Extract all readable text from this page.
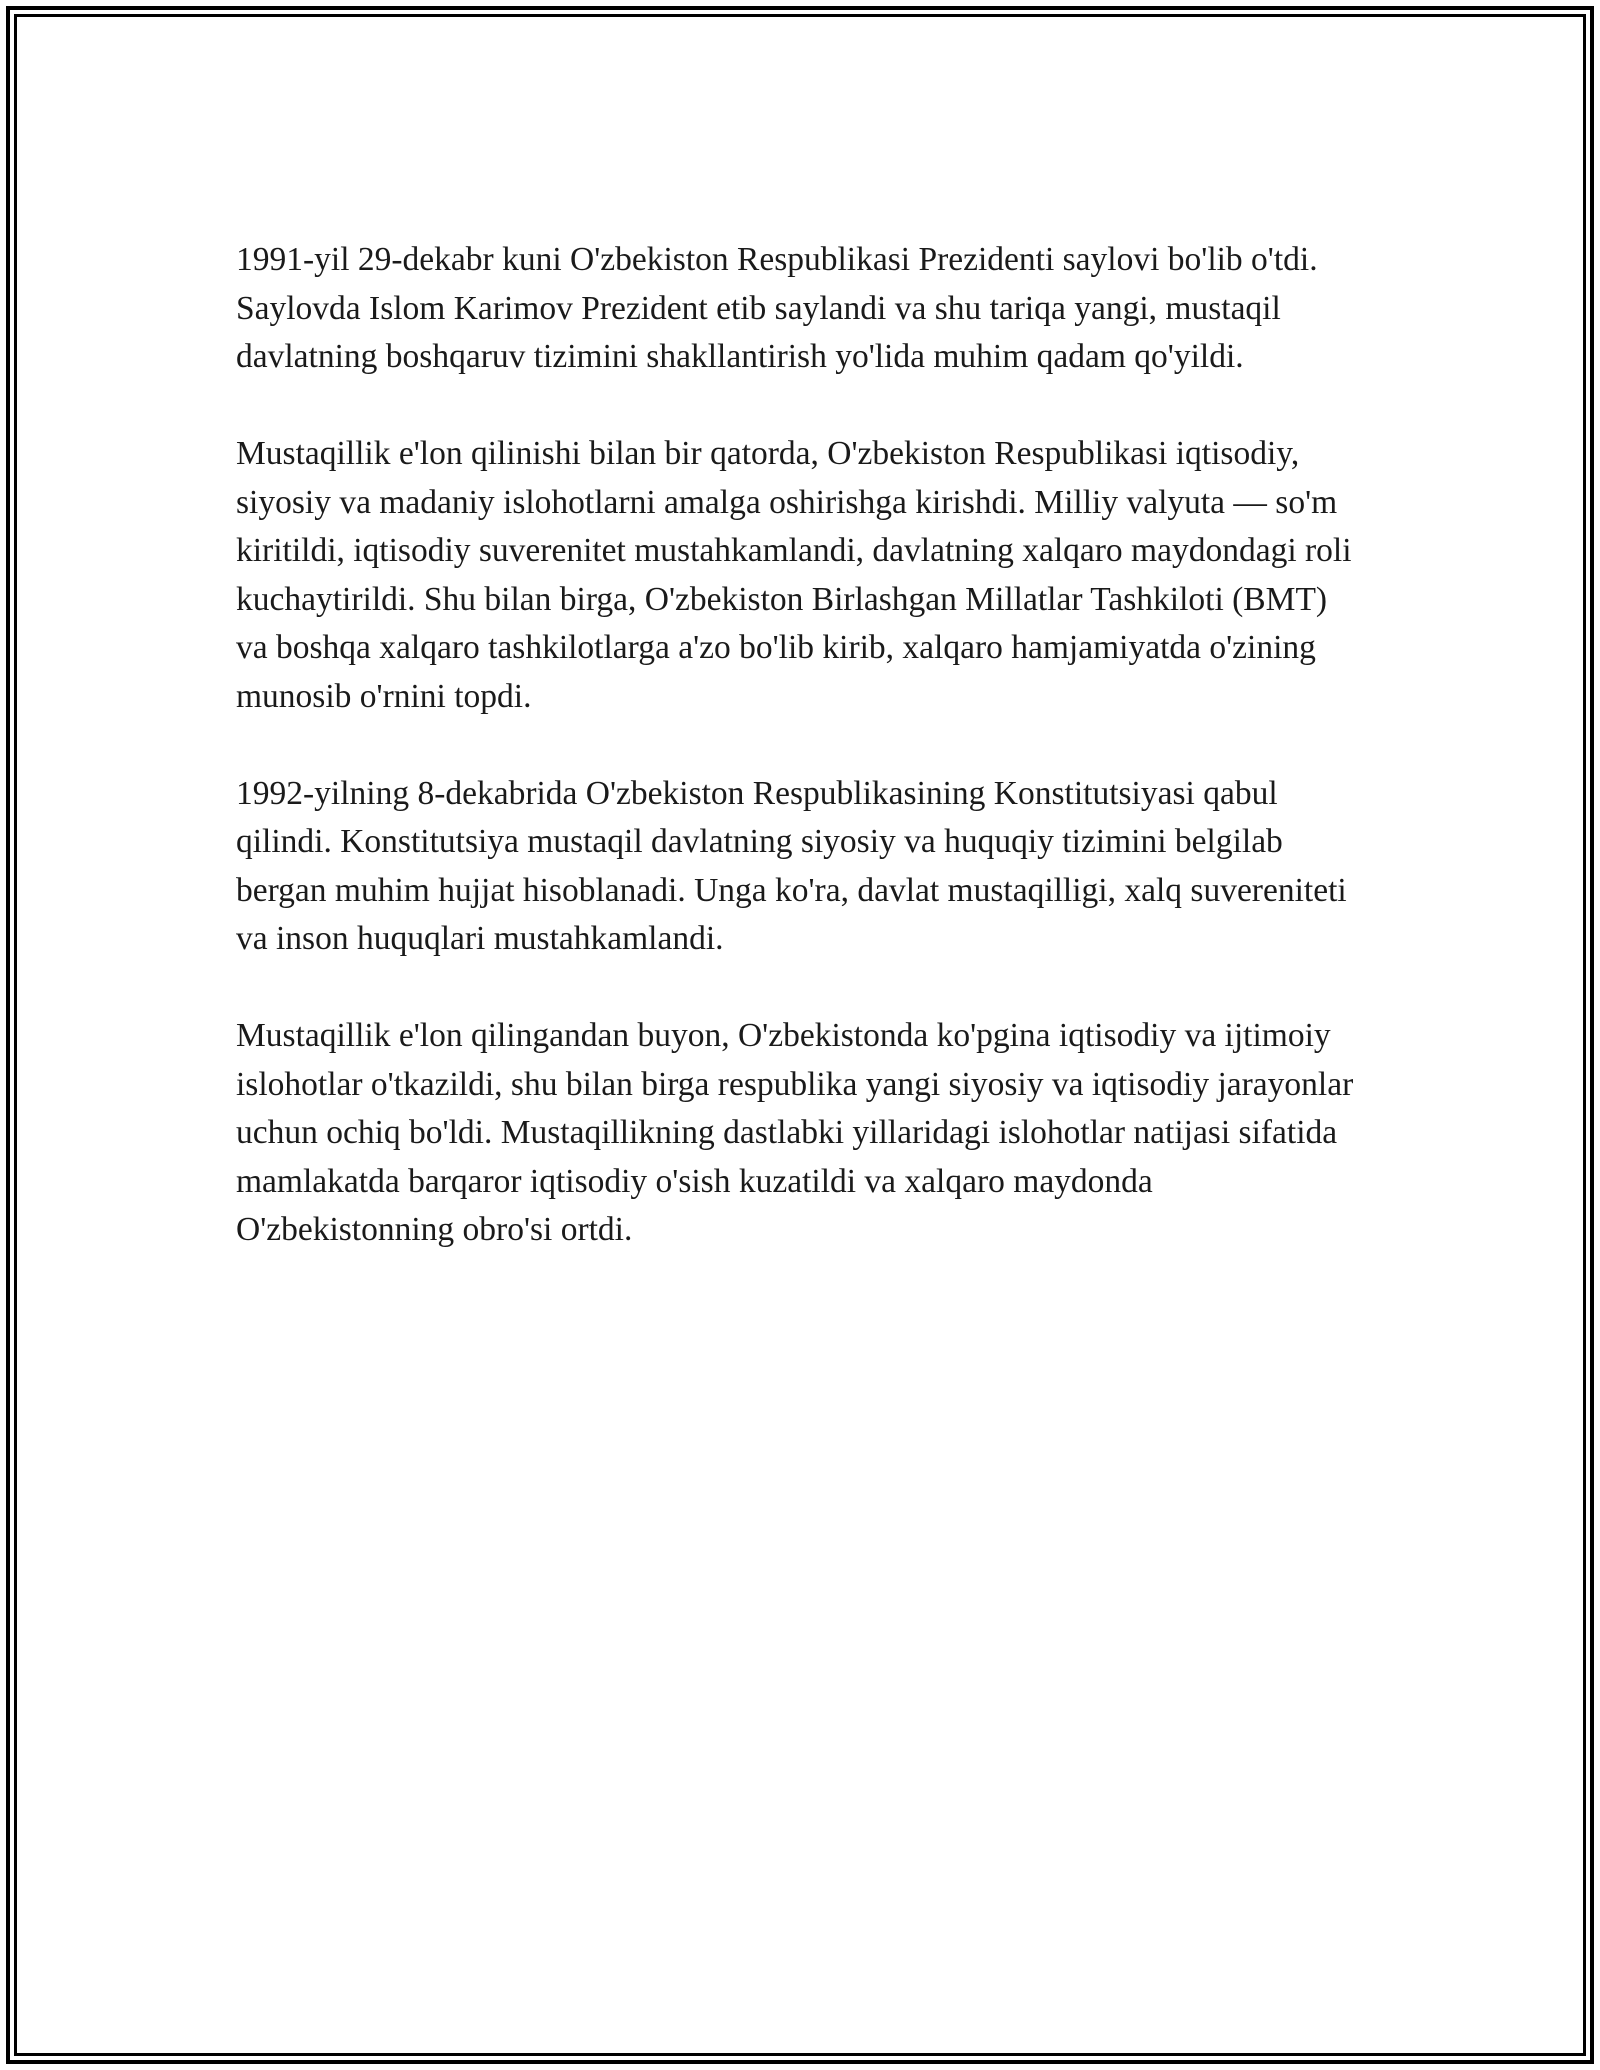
1991-yil 29-dekabr kuni O'zbekiston Respublikasi Prezidenti saylovi bo'lib o'tdi. Saylovda Islom Karimov Prezident etib saylandi va shu tariqa yangi, mustaqil davlatning boshqaruv tizimini shakllantirish yo'lida muhim qadam qo'yildi.

Mustaqillik e'lon qilinishi bilan bir qatorda, O'zbekiston Respublikasi iqtisodiy, siyosiy va madaniy islohotlarni amalga oshirishga kirishdi. Milliy valyuta — so'm kiritildi, iqtisodiy suverenitet mustahkamlandi, davlatning xalqaro maydondagi roli kuchaytirildi. Shu bilan birga, O'zbekiston Birlashgan Millatlar Tashkiloti (BMT) va boshqa xalqaro tashkilotlarga a'zo bo'lib kirib, xalqaro hamjamiyatda o'zining munosib o'rnini topdi.

1992-yilning 8-dekabrida O'zbekiston Respublikasining Konstitutsiyasi qabul qilindi. Konstitutsiya mustaqil davlatning siyosiy va huquqiy tizimini belgilab bergan muhim hujjat hisoblanadi. Unga ko'ra, davlat mustaqilligi, xalq suvereniteti va inson huquqlari mustahkamlandi.

Mustaqillik e'lon qilingandan buyon, O'zbekistonda ko'pgina iqtisodiy va ijtimoiy islohotlar o'tkazildi, shu bilan birga respublika yangi siyosiy va iqtisodiy jarayonlar uchun ochiq bo'ldi. Mustaqillikning dastlabki yillaridagi islohotlar natijasi sifatida mamlakatda barqaror iqtisodiy o'sish kuzatildi va xalqaro maydonda O'zbekistonning obro'si ortdi.
